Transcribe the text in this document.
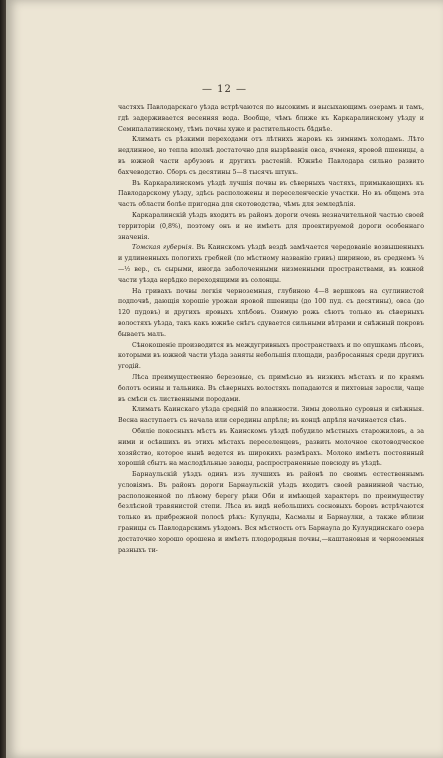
— 12 —

частяхъ Павлодарскаго уѣзда встрѣчаются по высокимъ и высыхающимъ озерамъ и тамъ, гдѣ задерживается весенняя вода. Вообще, чѣмъ ближе къ Каркаралинскому уѣзду и Семипалатинскому, тѣмъ почвы хуже и растительность бѣднѣе.

Климатъ съ рѣзкими переходами отъ лѣтнихъ жаровъ къ зимнимъ холодамъ. Лѣто недлинное, но тепла вполнѣ достаточно для вызрѣванія овса, ячменя, яровой пшеницы, а въ южной части арбузовъ и другихъ растеній. Южнѣе Павлодара сильно развито бахчеводство. Сборъ съ десятины 5—8 тысячъ штукъ.

Въ Каркаралинскомъ уѣздѣ лучшія почвы въ сѣверныхъ частяхъ, примыкающихъ къ Павлодарскому уѣзду, здѣсь расположены и переселенческіе участки. Но въ общемъ эта часть области болѣе пригодна для скотоводства, чѣмъ для земледѣлія.

Каркаралинскій уѣздъ входитъ въ районъ дороги очень незначительной частью своей территоріи (0,8%), поэтому онъ и не имѣетъ для проектируемой дороги особеннаго значенія.

Томская губернія. Въ Каинскомъ уѣздѣ вездѣ замѣчается чередованіе возвышенныхъ и удлиненныхъ пологихъ гребней (по мѣстному названію гривъ) шириною, въ среднемъ ¼—½ вер., съ сырыми, иногда заболоченными низменными пространствами, въ южной части уѣзда нерѣдко переходящими въ солонцы.

На гривахъ почвы легкія черноземныя, глубиною 4—8 вершковъ на суглинистой подпочвѣ, дающія хорошіе урожаи яровой пшеницы (до 100 пуд. съ десятины), овса (до 120 пудовъ) и другихъ яровыхъ хлѣбовъ. Озимую рожь сѣютъ только въ сѣверныхъ волостяхъ уѣзда, такъ какъ южнѣе снѣгъ сдувается сильными вѣтрами и снѣжный покровъ бываетъ малъ.

Сѣнокошеніе производится въ междугривныхъ пространствахъ и по опушкамъ лѣсовъ, которыми въ южной части уѣзда заняты небольшія площади, разбросанныя среди другихъ угодій.

Лѣса преимущественно березовые, съ примѣсью въ низкихъ мѣстахъ и по краямъ болотъ осины и тальника. Въ сѣверныхъ волостяхъ попадаются и пихтовыя заросли, чаще въ смѣси съ лиственными породами.

Климатъ Каинскаго уѣзда средній по влажности. Зимы довольно суровыя и снѣжныя. Весна наступаетъ съ начала или середины апрѣля; въ концѣ апрѣля начинается сѣвъ.

Обиліе покосныхъ мѣстъ въ Каинскомъ уѣздѣ побудило мѣстныхъ старожиловъ, а за ними и осѣвшихъ въ этихъ мѣстахъ переселенцевъ, развить молочное скотоводческое хозяйство, которое нынѣ ведется въ широкихъ размѣрахъ. Молоко имѣетъ постоянный хорошій сбытъ на маслодѣльные заводы, распространенные повсюду въ уѣздѣ.

Барнаульскій уѣздъ одинъ изъ лучшихъ въ районѣ по своимъ естественнымъ условіямъ. Въ районъ дороги Барнаульскій уѣздъ входитъ своей равнинной частью, расположенной по лѣвому берегу рѣки Оби и имѣющей характеръ по преимуществу безлѣсной травянистой степи. Лѣса въ видѣ небольшихъ сосновыхъ боровъ встрѣчаются только въ прибрежной полосѣ рѣкъ: Кулунды, Касмалы и Барнаулки, а также вблизи границы съ Павлодарскимъ уѣздомъ. Вся мѣстность отъ Барнаула до Кулундинскаго озера достаточно хорошо орошена и имѣетъ плодородныя почвы,—каштановыя и черноземныя разныхъ ти-
